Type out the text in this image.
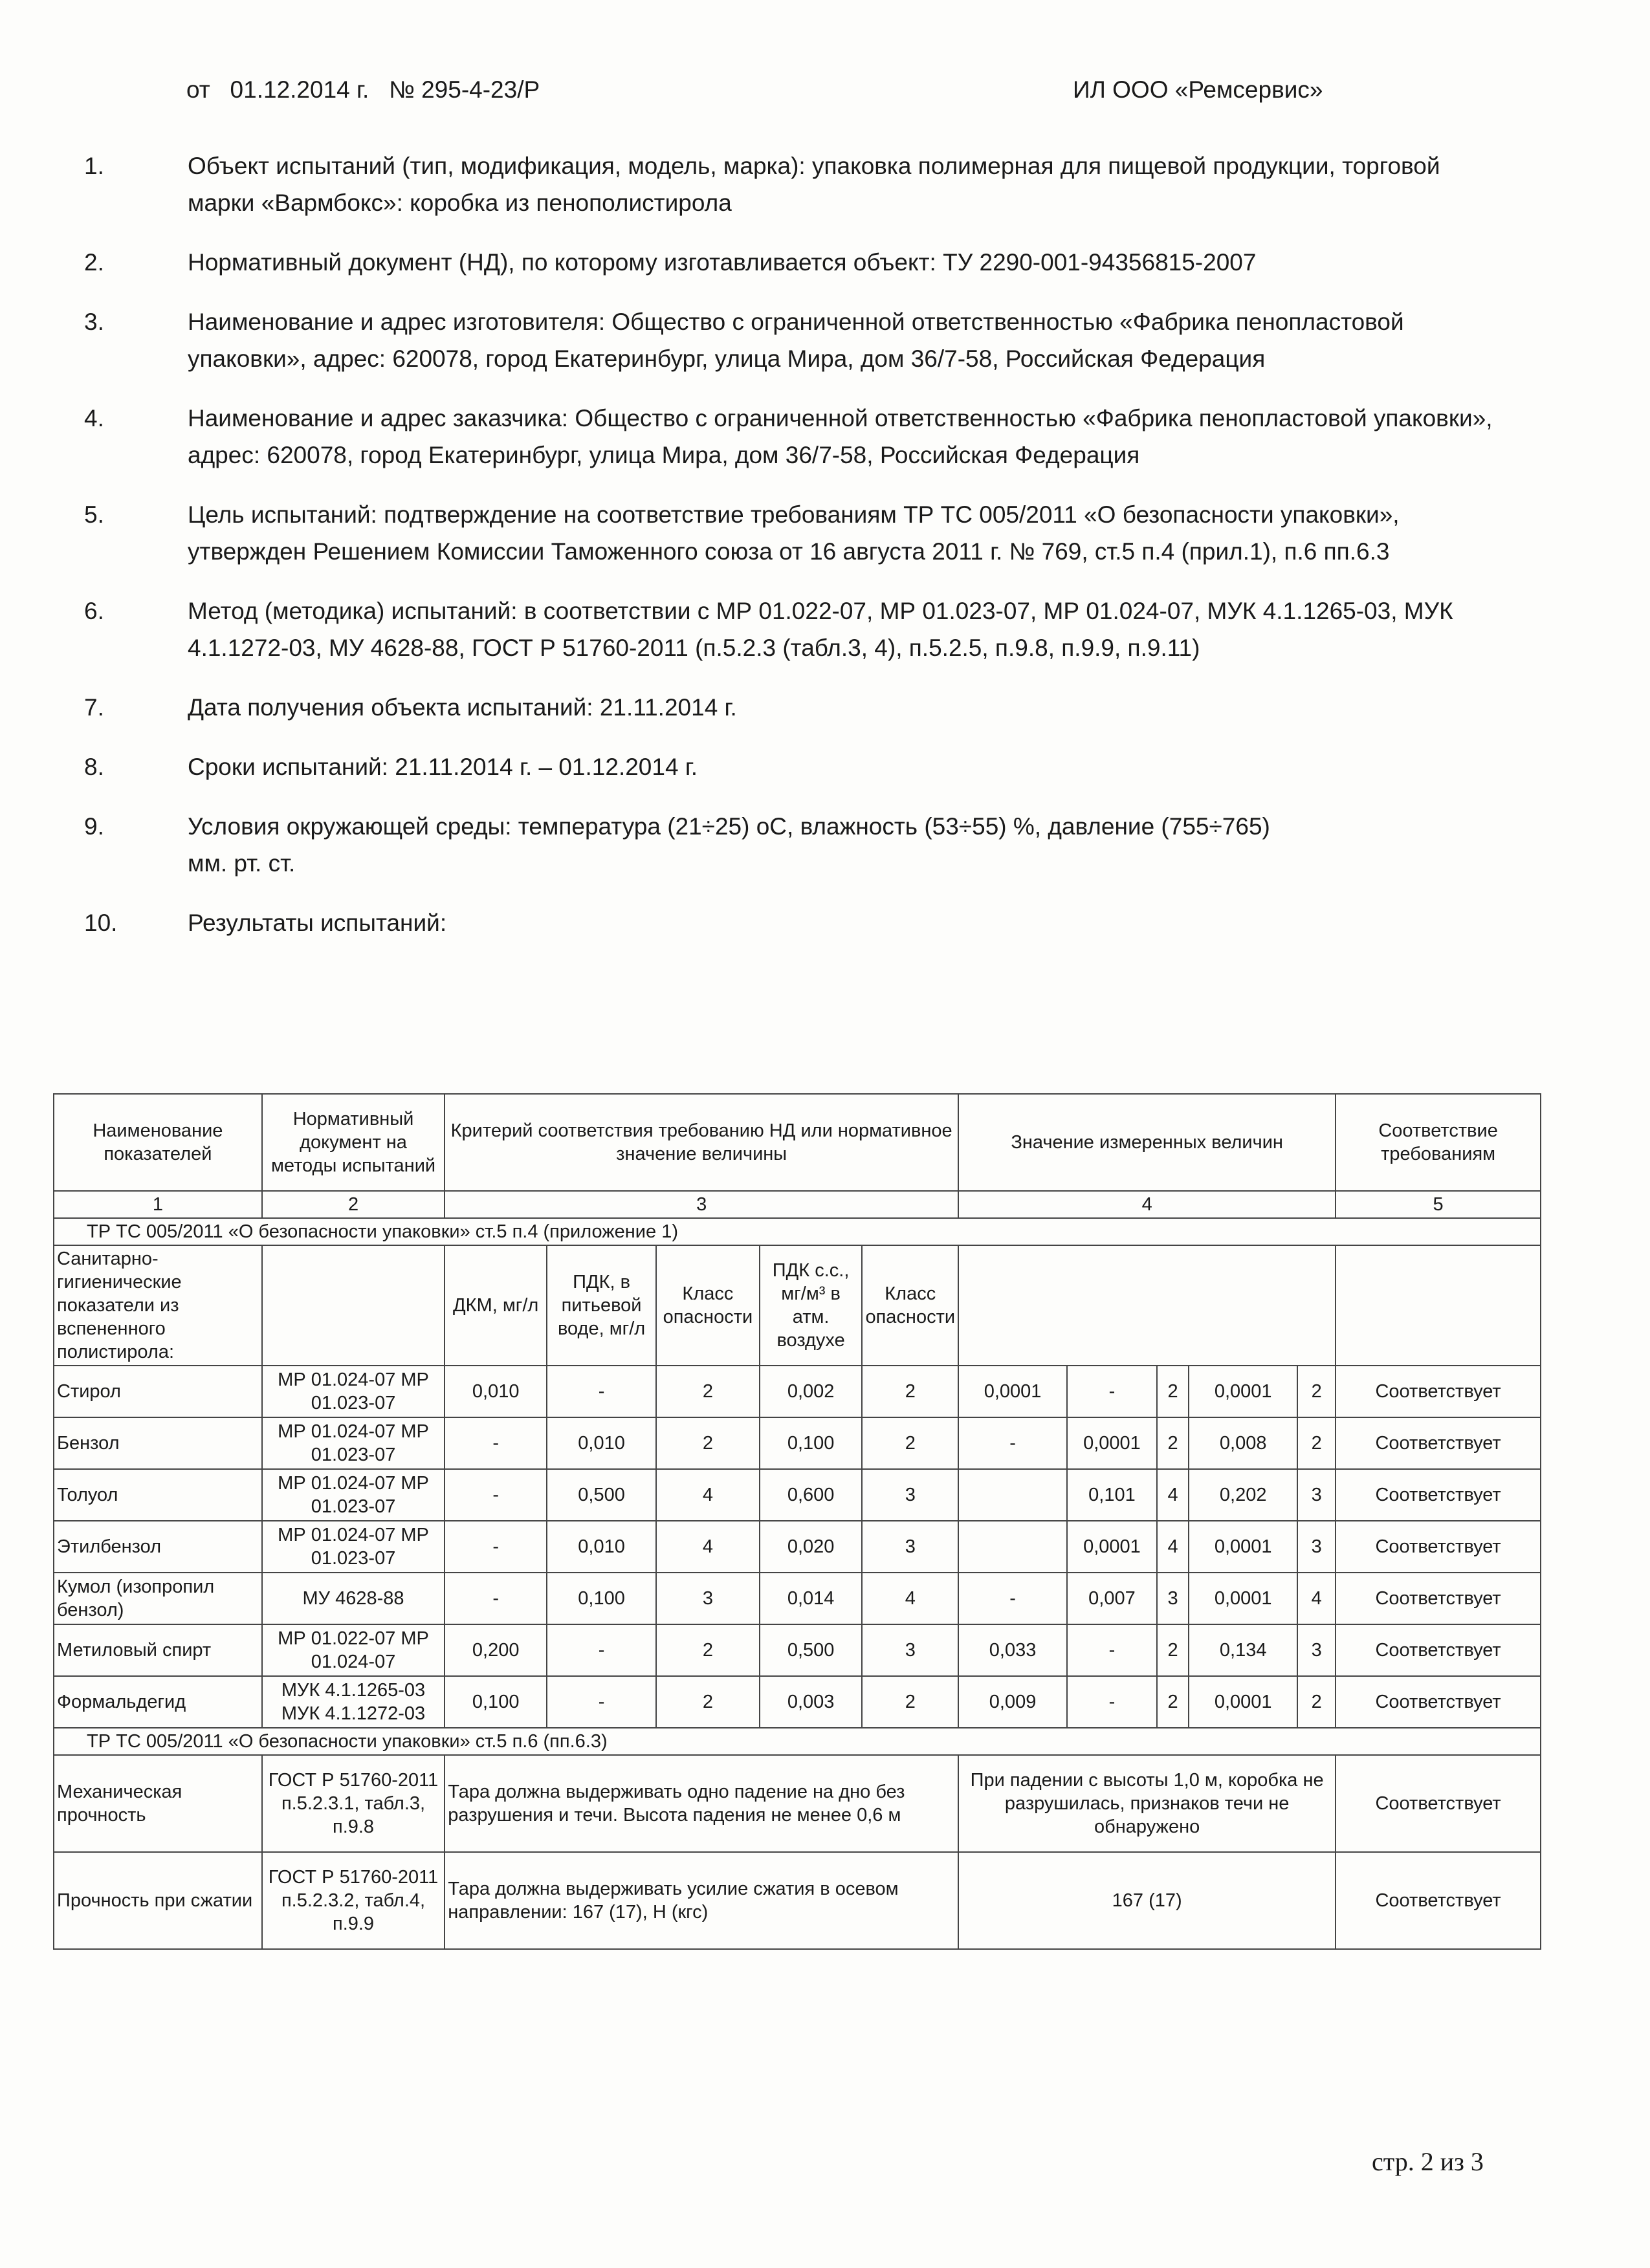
от   01.12.2014 г.   № 295-4-23/Р	ИЛ ООО «Ремсервис»
1.	Объект испытаний (тип, модификация, модель, марка): упаковка полимерная для пищевой продукции, торговой марки «Вармбокс»: коробка из пенополистирола
2.	Нормативный документ (НД), по которому изготавливается объект: ТУ 2290-001-94356815-2007
3.	Наименование и адрес изготовителя: Общество с ограниченной ответственностью «Фабрика пенопластовой упаковки», адрес: 620078, город Екатеринбург, улица Мира, дом 36/7-58, Российская Федерация
4.	Наименование и адрес заказчика: Общество с ограниченной ответственностью «Фабрика пенопластовой упаковки», адрес: 620078, город Екатеринбург, улица Мира, дом 36/7-58, Российская Федерация
5.	Цель испытаний: подтверждение на соответствие требованиям ТР ТС 005/2011 «О безопасности упаковки», утвержден Решением Комиссии Таможенного союза от 16 августа 2011 г. № 769, ст.5 п.4 (прил.1), п.6 пп.6.3
6.	Метод (методика) испытаний: в соответствии с МР 01.022-07, МР 01.023-07, МР 01.024-07, МУК 4.1.1265-03, МУК 4.1.1272-03, МУ 4628-88, ГОСТ Р 51760-2011 (п.5.2.3 (табл.3, 4), п.5.2.5, п.9.8, п.9.9, п.9.11)
7.	Дата получения объекта испытаний: 21.11.2014 г.
8.	Сроки испытаний: 21.11.2014 г. – 01.12.2014 г.
9.	Условия окружающей среды: температура (21÷25) оС, влажность (53÷55) %, давление (755÷765) мм. рт. ст.
10.	Результаты испытаний:
Наименование показателей	Нормативный документ на методы испытаний	Критерий соответствия требованию НД или нормативное значение величины					Значение измеренных величин					Соответствие требованиям
1	2	3					4					5
ТР ТС 005/2011 «О безопасности упаковки» ст.5 п.4 (приложение 1)												
Санитарно-гигиенические показатели из вспененного полистирола:		ДКМ, мг/л	ПДК, в питьевой воде, мг/л	Класс опасности	ПДК с.с., мг/м³ в атм. воздухе	Класс опасности						
Стирол	МР 01.024-07 МР 01.023-07	0,010	-	2	0,002	2	0,0001	-	2	0,0001	2	Соответствует
Бензол	МР 01.024-07 МР 01.023-07	-	0,010	2	0,100	2	-	0,0001	2	0,008	2	Соответствует
Толуол	МР 01.024-07 МР 01.023-07	-	0,500	4	0,600	3		0,101	4	0,202	3	Соответствует
Этилбензол	МР 01.024-07 МР 01.023-07	-	0,010	4	0,020	3		0,0001	4	0,0001	3	Соответствует
Кумол (изопропил бензол)	МУ 4628-88	-	0,100	3	0,014	4	-	0,007	3	0,0001	4	Соответствует
Метиловый спирт	МР 01.022-07 МР 01.024-07	0,200	-	2	0,500	3	0,033	-	2	0,134	3	Соответствует
Формальдегид	МУК 4.1.1265-03 МУК 4.1.1272-03	0,100	-	2	0,003	2	0,009	-	2	0,0001	2	Соответствует
ТР ТС 005/2011 «О безопасности упаковки» ст.5 п.6 (пп.6.3)												
Механическая прочность	ГОСТ Р 51760-2011 п.5.2.3.1, табл.3, п.9.8	Тара должна выдерживать одно падение на дно без разрушения и течи. Высота падения не менее 0,6 м					При падении с высоты 1,0 м, коробка не разрушилась, признаков течи не обнаружено					Соответствует
Прочность при сжатии	ГОСТ Р 51760-2011 п.5.2.3.2, табл.4, п.9.9	Тара должна выдерживать усилие сжатия в осевом направлении: 167 (17), Н (кгс)					167 (17)					Соответствует
стр. 2 из 3
